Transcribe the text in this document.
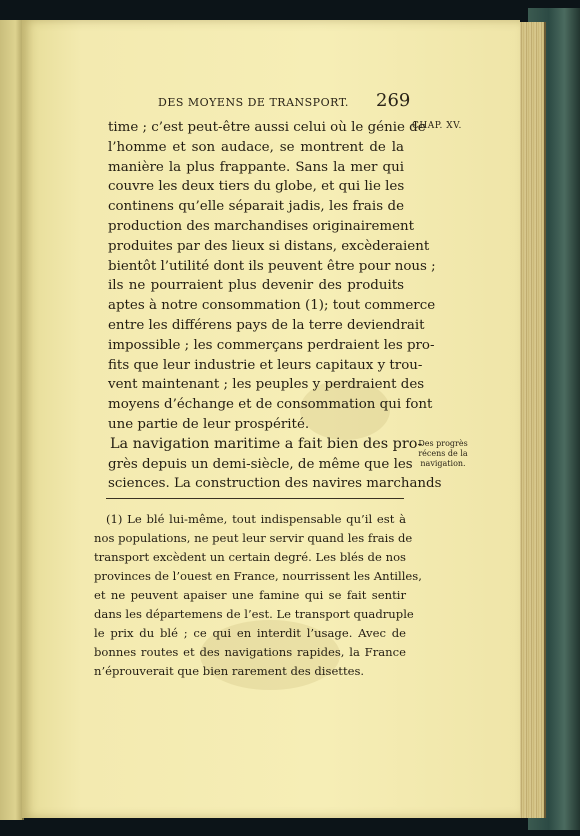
DES MOYENS DE TRANSPORT. 269
CHAP. XV.
time ; c’est peut-être aussi celui où le génie de
l’homme et son audace, se montrent de la
manière la plus frappante. Sans la mer qui
couvre les deux tiers du globe, et qui lie les
continens qu’elle séparait jadis, les frais de
production des marchandises originairement
produites par des lieux si distans, excèderaient
bientôt l’utilité dont ils peuvent être pour nous ;
ils ne pourraient plus devenir des produits
aptes à notre consommation (1); tout commerce
entre les différens pays de la terre deviendrait
impossible ; les commerçans perdraient les pro-
fits que leur industrie et leurs capitaux y trou-
vent maintenant ; les peuples y perdraient des
moyens d’échange et de consommation qui font
une partie de leur prospérité.
La navigation maritime a fait bien des pro-
grès depuis un demi-siècle, de même que les
sciences. La construction des navires marchands
Des progrès
récens de la
navigation.
(1) Le blé lui-même, tout indispensable qu’il est à
nos populations, ne peut leur servir quand les frais de
transport excèdent un certain degré. Les blés de nos
provinces de l’ouest en France, nourrissent les Antilles,
et ne peuvent apaiser une famine qui se fait sentir
dans les départemens de l’est. Le transport quadruple
le prix du blé ; ce qui en interdit l’usage. Avec de
bonnes routes et des navigations rapides, la France
n’éprouverait que bien rarement des disettes.
